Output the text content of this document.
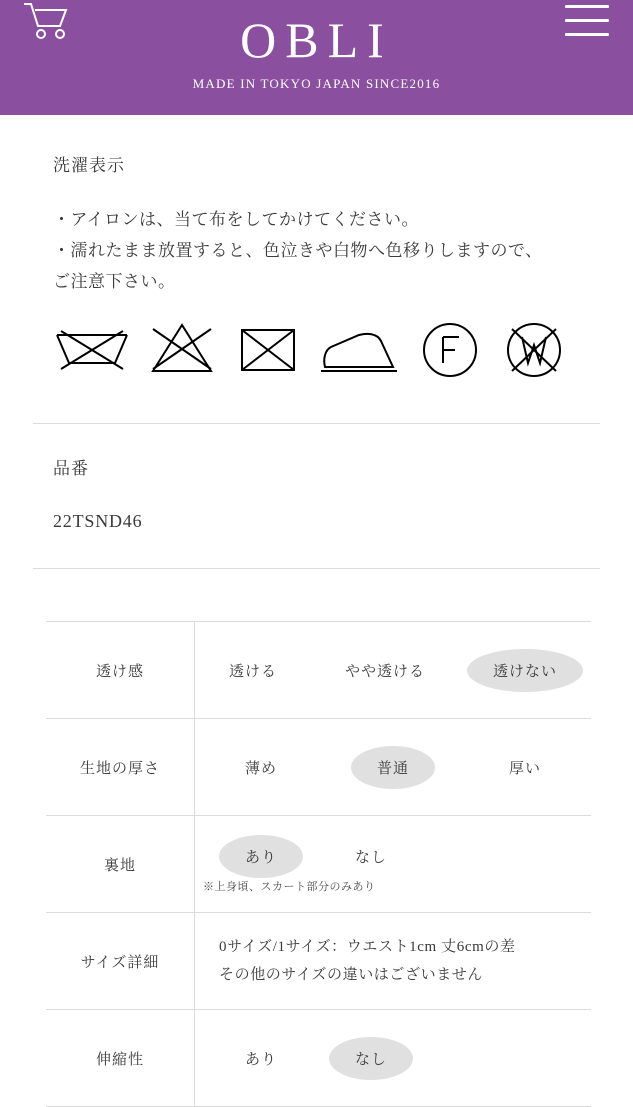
OBLI
MADE IN TOKYO JAPAN SINCE2016
洗濯表示
・アイロンは、当て布をしてかけてください。
・濡れたまま放置すると、色泣きや白物へ色移りしますので、
ご注意下さい。
品番
22TSND46
透け感	透ける やや透ける 透けない

生地の厚さ	薄め 普通 厚い

裏地	あり なし
※上身頃、スカート部分のみあり

サイズ詳細	0サイズ/1サイズ：ウエスト1cm 丈6cmの差
その他のサイズの違いはございません

伸縮性	あり なし
